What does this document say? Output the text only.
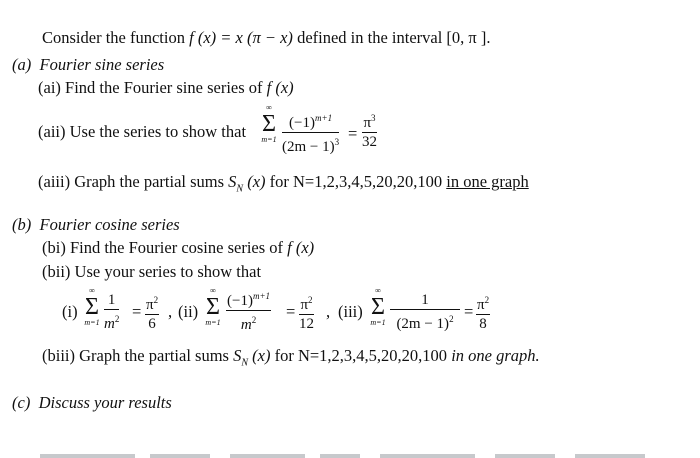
Consider the function f (x) = x (π − x) defined in the interval [0, π ].
(a) Fourier sine series
(ai) Find the Fourier sine series of f (x)
(aii) Use the series to show that
∞
Σ
$m=1 \frac{(-1)^{m+1}}{(2m - 1)^3} = \frac{\pi^3}{32}$
(aiii) Graph the partial sums $S_N$ (x) for N=1,2,3,4,5,20,20,100 in one graph
(b) Fourier cosine series
(bi) Find the Fourier cosine series of f (x)
(bii) Use your series to show that
(i)
∞
Σ
$m=1 \frac{1}{m^2} = \frac{\pi^2}{6}$ , (ii)
∞
Σ
$m=1 \frac{(-1)^{m+1}}{m^2} = \frac{\pi^2}{12}$ , (iii)
∞
Σ
$m=1 \frac{1}{(2m - 1)^2} = \frac{\pi^2}{8}$
(biii) Graph the partial sums $S_N$ (x) for N=1,2,3,4,5,20,20,100 in one graph.
(c) Discuss your results
